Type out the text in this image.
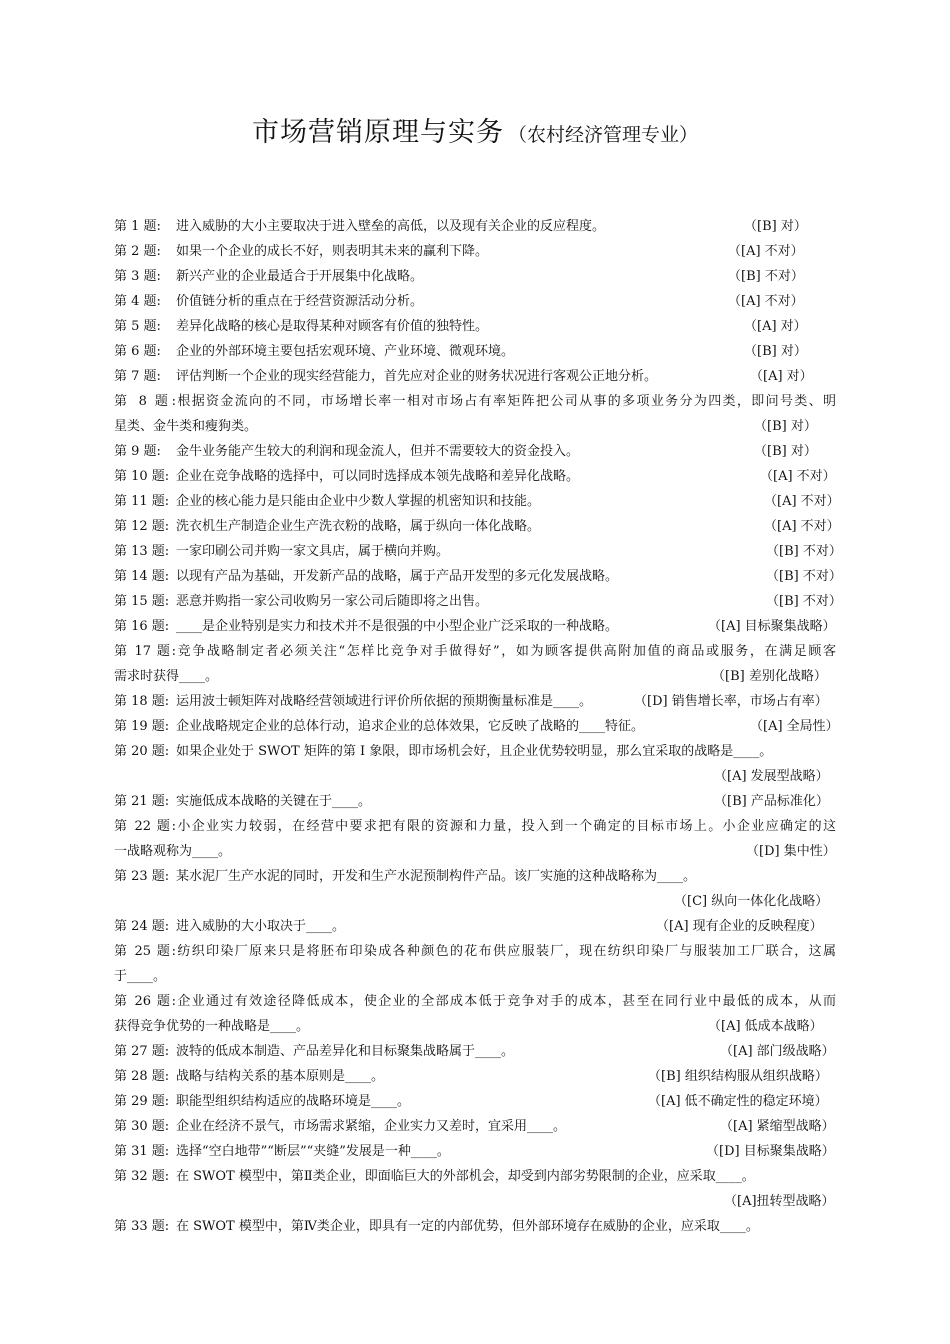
市场营销原理与实务 （农村经济管理专业）
第 1 题: 进入威胁的大小主要取决于进入壁垒的高低，以及现有关企业的反应程度。	（[B] 对）
第 2 题: 如果一个企业的成长不好，则表明其未来的赢利下降。	（[A] 不对）
第 3 题: 新兴产业的企业最适合于开展集中化战略。	（[B] 不对）
第 4 题: 价值链分析的重点在于经营资源活动分析。	（[A] 不对）
第 5 题: 差异化战略的核心是取得某种对顾客有价值的独特性。	（[A] 对）
第 6 题: 企业的外部环境主要包括宏观环境、产业环境、微观环境。	（[B] 对）
第 7 题: 评估判断一个企业的现实经营能力，首先应对企业的财务状况进行客观公正地分析。	（[A] 对）
第 8 题:根据资金流向的不同，市场增长率一相对市场占有率矩阵把公司从事的多项业务分为四类，即问号类、明
星类、金牛类和瘦狗类。	（[B] 对）
第 9 题: 金牛业务能产生较大的利润和现金流人，但并不需要较大的资金投入。	（[B] 对）
第 10 题: 企业在竞争战略的选择中，可以同时选择成本领先战略和差异化战略。	（[A] 不对）
第 11 题: 企业的核心能力是只能由企业中少数人掌握的机密知识和技能。	（[A] 不对）
第 12 题: 洗衣机生产制造企业生产洗衣粉的战略，属于纵向一体化战略。	（[A] 不对）
第 13 题: 一家印刷公司并购一家文具店，属于横向并购。	（[B] 不对）
第 14 题: 以现有产品为基础，开发新产品的战略，属于产品开发型的多元化发展战略。	（[B] 不对）
第 15 题: 恶意并购指一家公司收购另一家公司后随即将之出售。	（[B] 不对）
第 16 题: ____是企业特别是实力和技术并不是很强的中小型企业广泛采取的一种战略。	（[A] 目标聚集战略）
第 17 题:竞争战略制定者必须关注“怎样比竞争对手做得好”，如为顾客提供高附加值的商品或服务，在满足顾客
需求时获得____。	（[B] 差别化战略）
第 18 题: 运用波士顿矩阵对战略经营领域进行评价所依据的预期衡量标准是____。	（[D] 销售增长率，市场占有率）
第 19 题: 企业战略规定企业的总体行动，追求企业的总体效果，它反映了战略的____特征。	（[A] 全局性）
第 20 题: 如果企业处于 SWOT 矩阵的第 I 象限，即市场机会好，且企业优势较明显，那么宜采取的战略是____。
（[A] 发展型战略）
第 21 题: 实施低成本战略的关键在于____。	（[B] 产品标准化）
第 22 题:小企业实力较弱，在经营中要求把有限的资源和力量，投入到一个确定的目标市场上。小企业应确定的这
一战略观称为____。	（[D] 集中性）
第 23 题: 某水泥厂生产水泥的同时，开发和生产水泥预制构件产品。该厂实施的这种战略称为____。
（[C] 纵向一体化化战略）
第 24 题: 进入威胁的大小取决于____。	（[A] 现有企业的反映程度）
第 25 题:纺织印染厂原来只是将胚布印染成各种颜色的花布供应服装厂，现在纺织印染厂与服装加工厂联合，这属
于____。
第 26 题:企业通过有效途径降低成本，使企业的全部成本低于竞争对手的成本，甚至在同行业中最低的成本，从而
获得竞争优势的一种战略是____。	（[A] 低成本战略）
第 27 题: 波特的低成本制造、产品差异化和目标聚集战略属于____。	（[A] 部门级战略）
第 28 题: 战略与结构关系的基本原则是____。	（[B] 组织结构服从组织战略）
第 29 题: 职能型组织结构适应的战略环境是____。	（[A] 低不确定性的稳定环境）
第 30 题: 企业在经济不景气，市场需求紧缩，企业实力又差时，宜采用____。	（[A] 紧缩型战略）
第 31 题: 选择“空白地带”“断层”“夹缝”发展是一种____。	（[D] 目标聚集战略）
第 32 题: 在 SWOT 模型中，第Ⅱ类企业，即面临巨大的外部机会，却受到内部劣势限制的企业，应采取____。
（[A]扭转型战略）
第 33 题: 在 SWOT 模型中，第Ⅳ类企业，即具有一定的内部优势，但外部环境存在威胁的企业，应采取____。
